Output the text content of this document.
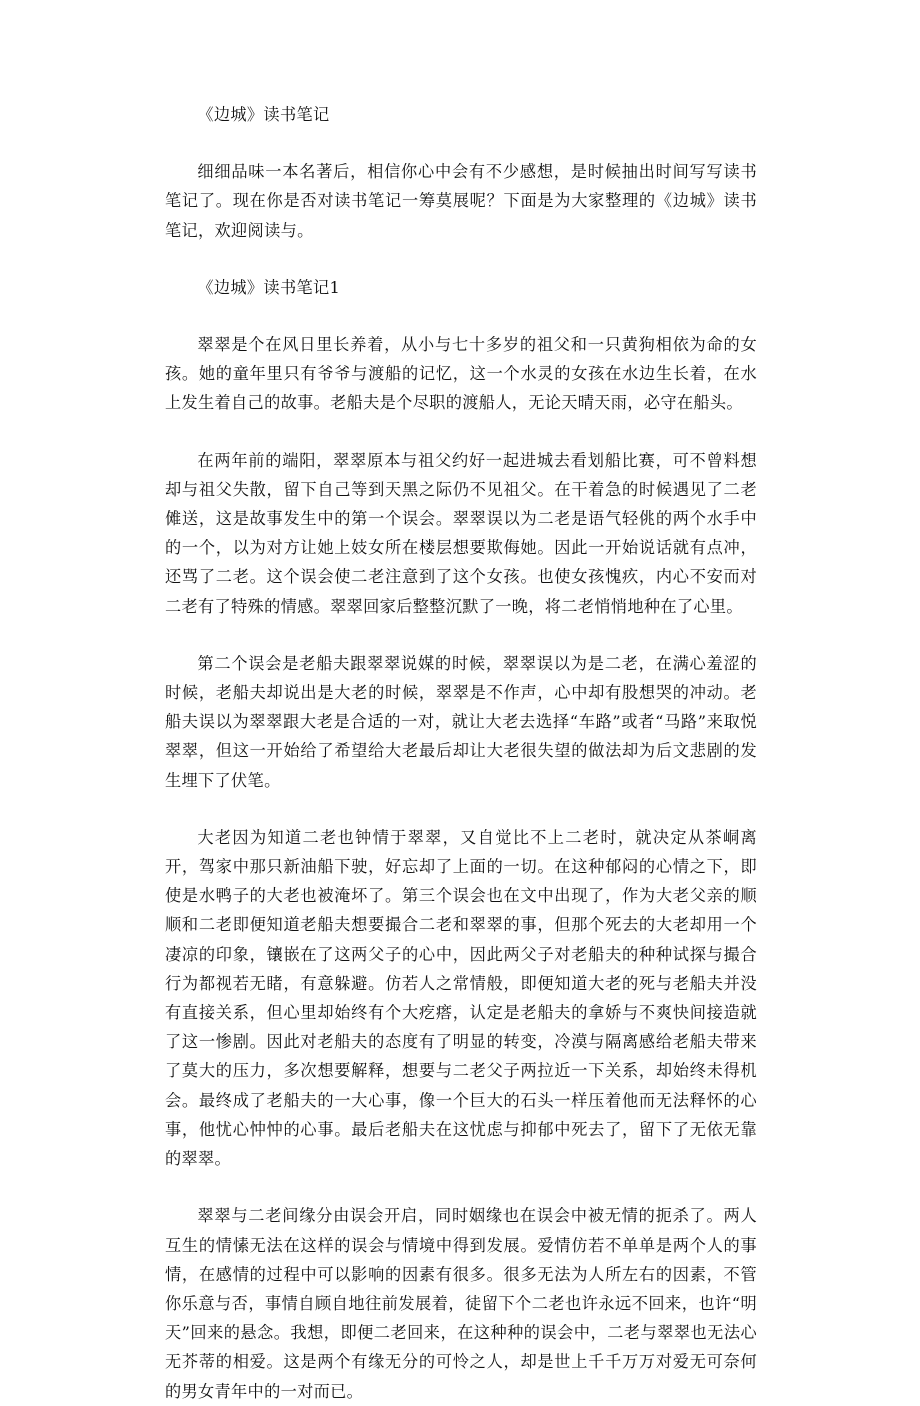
《边城》读书笔记

细细品味一本名著后，相信你心中会有不少感想，是时候抽出时间写写读书笔记了。现在你是否对读书笔记一筹莫展呢？下面是为大家整理的《边城》读书笔记，欢迎阅读与。

《边城》读书笔记1

翠翠是个在风日里长养着，从小与七十多岁的祖父和一只黄狗相依为命的女孩。她的童年里只有爷爷与渡船的记忆，这一个水灵的女孩在水边生长着，在水上发生着自己的故事。老船夫是个尽职的渡船人，无论天晴天雨，必守在船头。

在两年前的端阳，翠翠原本与祖父约好一起进城去看划船比赛，可不曾料想却与祖父失散，留下自己等到天黑之际仍不见祖父。在干着急的时候遇见了二老傩送，这是故事发生中的第一个误会。翠翠误以为二老是语气轻佻的两个水手中的一个，以为对方让她上妓女所在楼层想要欺侮她。因此一开始说话就有点冲，还骂了二老。这个误会使二老注意到了这个女孩。也使女孩愧疚，内心不安而对二老有了特殊的情感。翠翠回家后整整沉默了一晚，将二老悄悄地种在了心里。

第二个误会是老船夫跟翠翠说媒的时候，翠翠误以为是二老，在满心羞涩的时候，老船夫却说出是大老的时候，翠翠是不作声，心中却有股想哭的冲动。老船夫误以为翠翠跟大老是合适的一对，就让大老去选择“车路”或者“马路”来取悦翠翠，但这一开始给了希望给大老最后却让大老很失望的做法却为后文悲剧的发生埋下了伏笔。

大老因为知道二老也钟情于翠翠，又自觉比不上二老时，就决定从茶峒离开，驾家中那只新油船下驶，好忘却了上面的一切。在这种郁闷的心情之下，即使是水鸭子的大老也被淹坏了。第三个误会也在文中出现了，作为大老父亲的顺顺和二老即便知道老船夫想要撮合二老和翠翠的事，但那个死去的大老却用一个凄凉的印象，镶嵌在了这两父子的心中，因此两父子对老船夫的种种试探与撮合行为都视若无睹，有意躲避。仿若人之常情般，即便知道大老的死与老船夫并没有直接关系，但心里却始终有个大疙瘩，认定是老船夫的拿娇与不爽快间接造就了这一惨剧。因此对老船夫的态度有了明显的转变，冷漠与隔离感给老船夫带来了莫大的压力，多次想要解释，想要与二老父子两拉近一下关系，却始终未得机会。最终成了老船夫的一大心事，像一个巨大的石头一样压着他而无法释怀的心事，他忧心忡忡的心事。最后老船夫在这忧虑与抑郁中死去了，留下了无依无靠的翠翠。

翠翠与二老间缘分由误会开启，同时姻缘也在误会中被无情的扼杀了。两人互生的情愫无法在这样的误会与情境中得到发展。爱情仿若不单单是两个人的事情，在感情的过程中可以影响的因素有很多。很多无法为人所左右的因素，不管你乐意与否，事情自顾自地往前发展着，徒留下个二老也许永远不回来，也许“明天”回来的悬念。我想，即便二老回来，在这种种的误会中，二老与翠翠也无法心无芥蒂的相爱。这是两个有缘无分的可怜之人，却是世上千千万万对爱无可奈何的男女青年中的一对而已。
